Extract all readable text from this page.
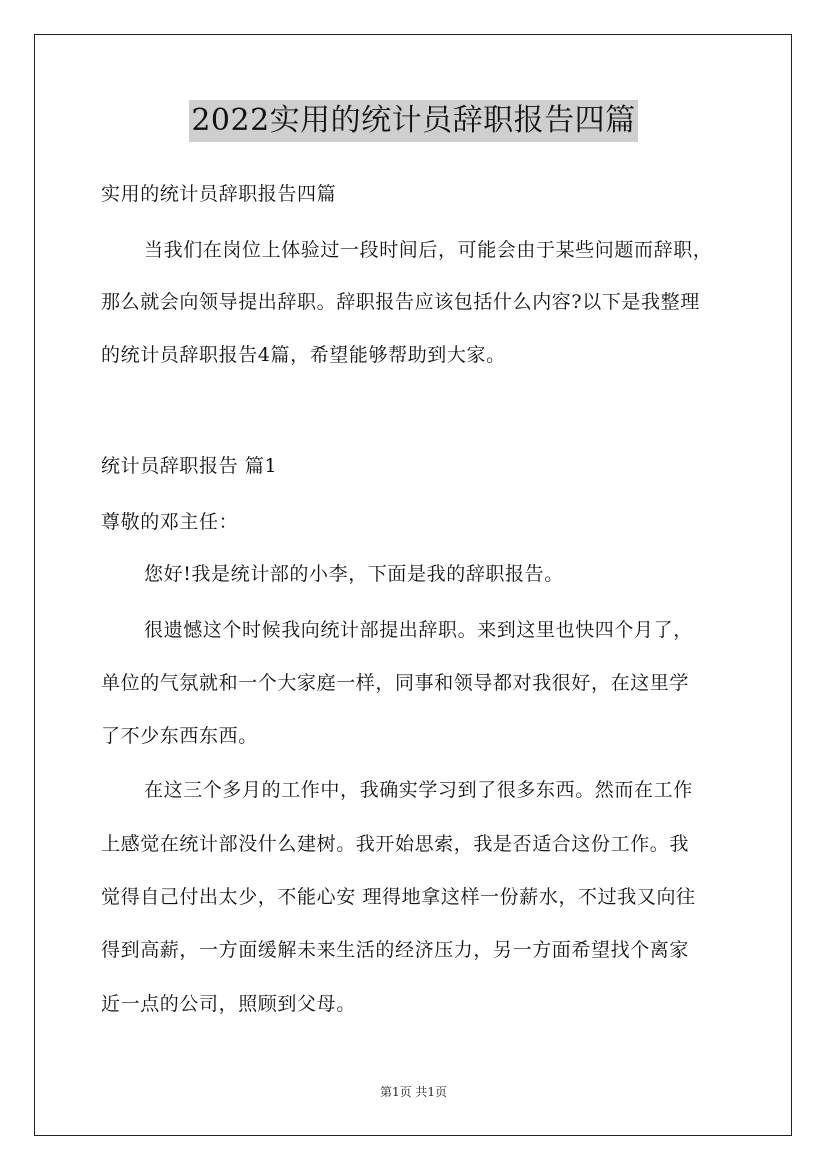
2022实用的统计员辞职报告四篇
实用的统计员辞职报告四篇
当我们在岗位上体验过一段时间后，可能会由于某些问题而辞职，
那么就会向领导提出辞职。辞职报告应该包括什么内容?以下是我整理
的统计员辞职报告4篇，希望能够帮助到大家。
统计员辞职报告 篇1
尊敬的邓主任：
您好!我是统计部的小李，下面是我的辞职报告。
很遗憾这个时候我向统计部提出辞职。来到这里也快四个月了，
单位的气氛就和一个大家庭一样，同事和领导都对我很好，在这里学
了不少东西东西。
在这三个多月的工作中，我确实学习到了很多东西。然而在工作
上感觉在统计部没什么建树。我开始思索，我是否适合这份工作。我
觉得自己付出太少，不能心安 理得地拿这样一份薪水，不过我又向往
得到高薪，一方面缓解未来生活的经济压力，另一方面希望找个离家
近一点的公司，照顾到父母。
第1页 共1页
